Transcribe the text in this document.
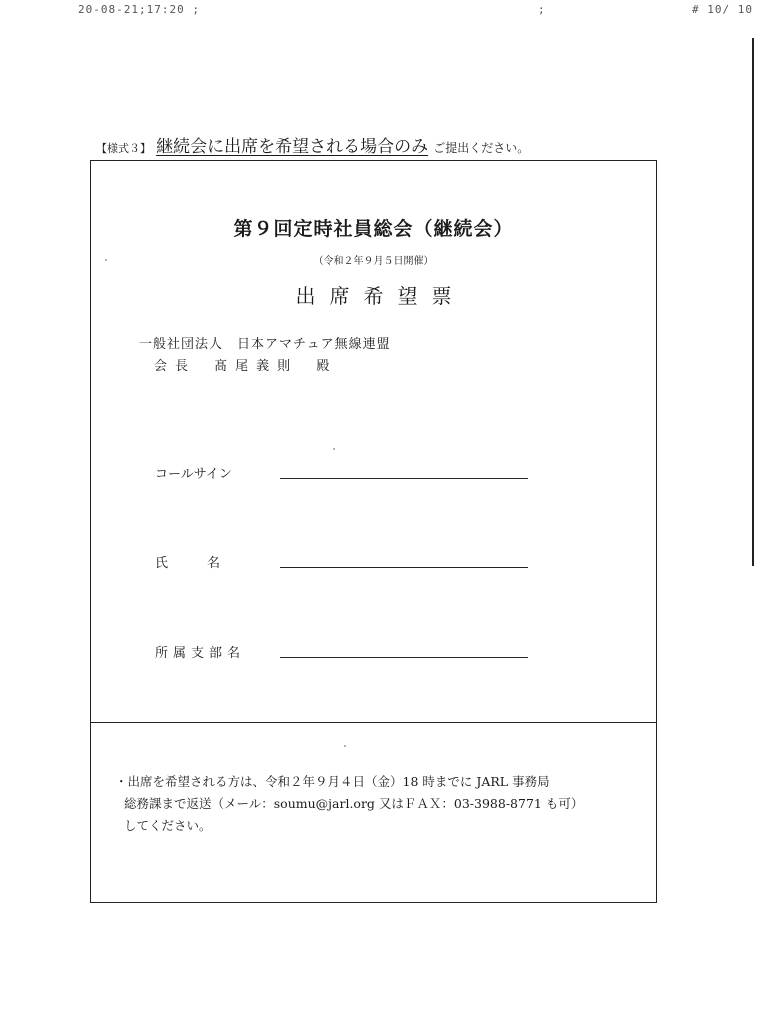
20-08-21;17:20 ;	;	# 10/ 10
【様式３】 継続会に出席を希望される場合のみ ご提出ください。
第９回定時社員総会（継続会）
（令和２年９月５日開催）
出席希望票
一般社団法人　日本アマチュア無線連盟
会長 髙尾義則 殿
コールサイン
氏　　　名
所属支部名
・出席を希望される方は、令和２年９月４日（金）18 時までに JARL 事務局
総務課まで返送（メール：soumu@jarl.org 又はＦＡＸ：03-3988-8771 も可）
してください。
